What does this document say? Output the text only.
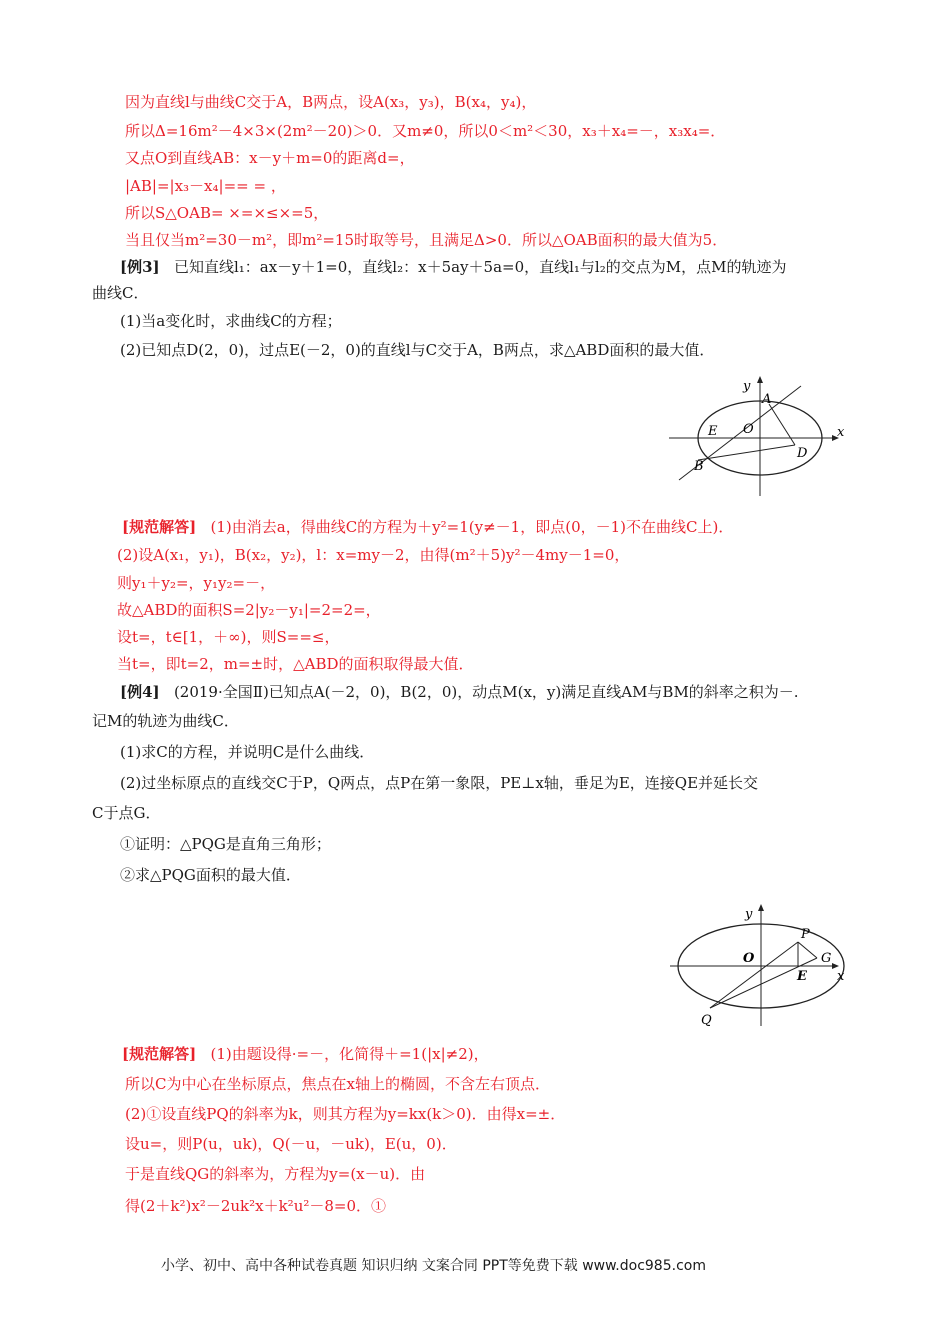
因为直线l与曲线C交于A，B两点，设A(x₃，y₃)，B(x₄，y₄)，
所以Δ=16m²－4×3×(2m²－20)＞0．又m≠0，所以0＜m²＜30，x₃＋x₄=－，x₃x₄=．
又点O到直线AB：x－y＋m=0的距离d=，
|AB|=|x₃－x₄|== = ，
所以S△OAB= ×=×≤×=5，
当且仅当m²=30－m²，即m²=15时取等号，且满足Δ>0．所以△OAB面积的最大值为5．
[例3] 已知直线l₁：ax－y＋1=0，直线l₂：x＋5ay＋5a=0，直线l₁与l₂的交点为M，点M的轨迹为
曲线C．
(1)当a变化时，求曲线C的方程；
(2)已知点D(2，0)，过点E(－2，0)的直线l与C交于A，B两点，求△ABD面积的最大值．
y
x
A
E O
D
B
[规范解答] (1)由消去a，得曲线C的方程为＋y²=1(y≠－1，即点(0，－1)不在曲线C上)．
(2)设A(x₁，y₁)，B(x₂，y₂)，l：x=my－2，由得(m²＋5)y²－4my－1=0，
则y₁＋y₂=，y₁y₂=－，
故△ABD的面积S=2|y₂－y₁|=2=2=，
设t=，t∈[1，＋∞)，则S==≤，
当t=，即t=2，m=±时，△ABD的面积取得最大值．
[例4] (2019·全国Ⅱ)已知点A(－2，0)，B(2，0)，动点M(x，y)满足直线AM与BM的斜率之积为－.
记M的轨迹为曲线C．
(1)求C的方程，并说明C是什么曲线．
(2)过坐标原点的直线交C于P，Q两点，点P在第一象限，PE⊥x轴，垂足为E，连接QE并延长交
C于点G．
①证明：△PQG是直角三角形；
②求△PQG面积的最大值．
y
x
P
G
O
E
Q
[规范解答] (1)由题设得·=－，化简得＋=1(|x|≠2)，
所以C为中心在坐标原点，焦点在x轴上的椭圆，不含左右顶点．
(2)①设直线PQ的斜率为k，则其方程为y=kx(k＞0)．由得x=±．
设u=，则P(u，uk)，Q(－u，－uk)，E(u，0)．
于是直线QG的斜率为，方程为y=(x－u)．由
得(2＋k²)x²－2uk²x＋k²u²－8=0．①
小学、初中、高中各种试卷真题 知识归纳 文案合同 PPT等免费下载 www.doc985.com
